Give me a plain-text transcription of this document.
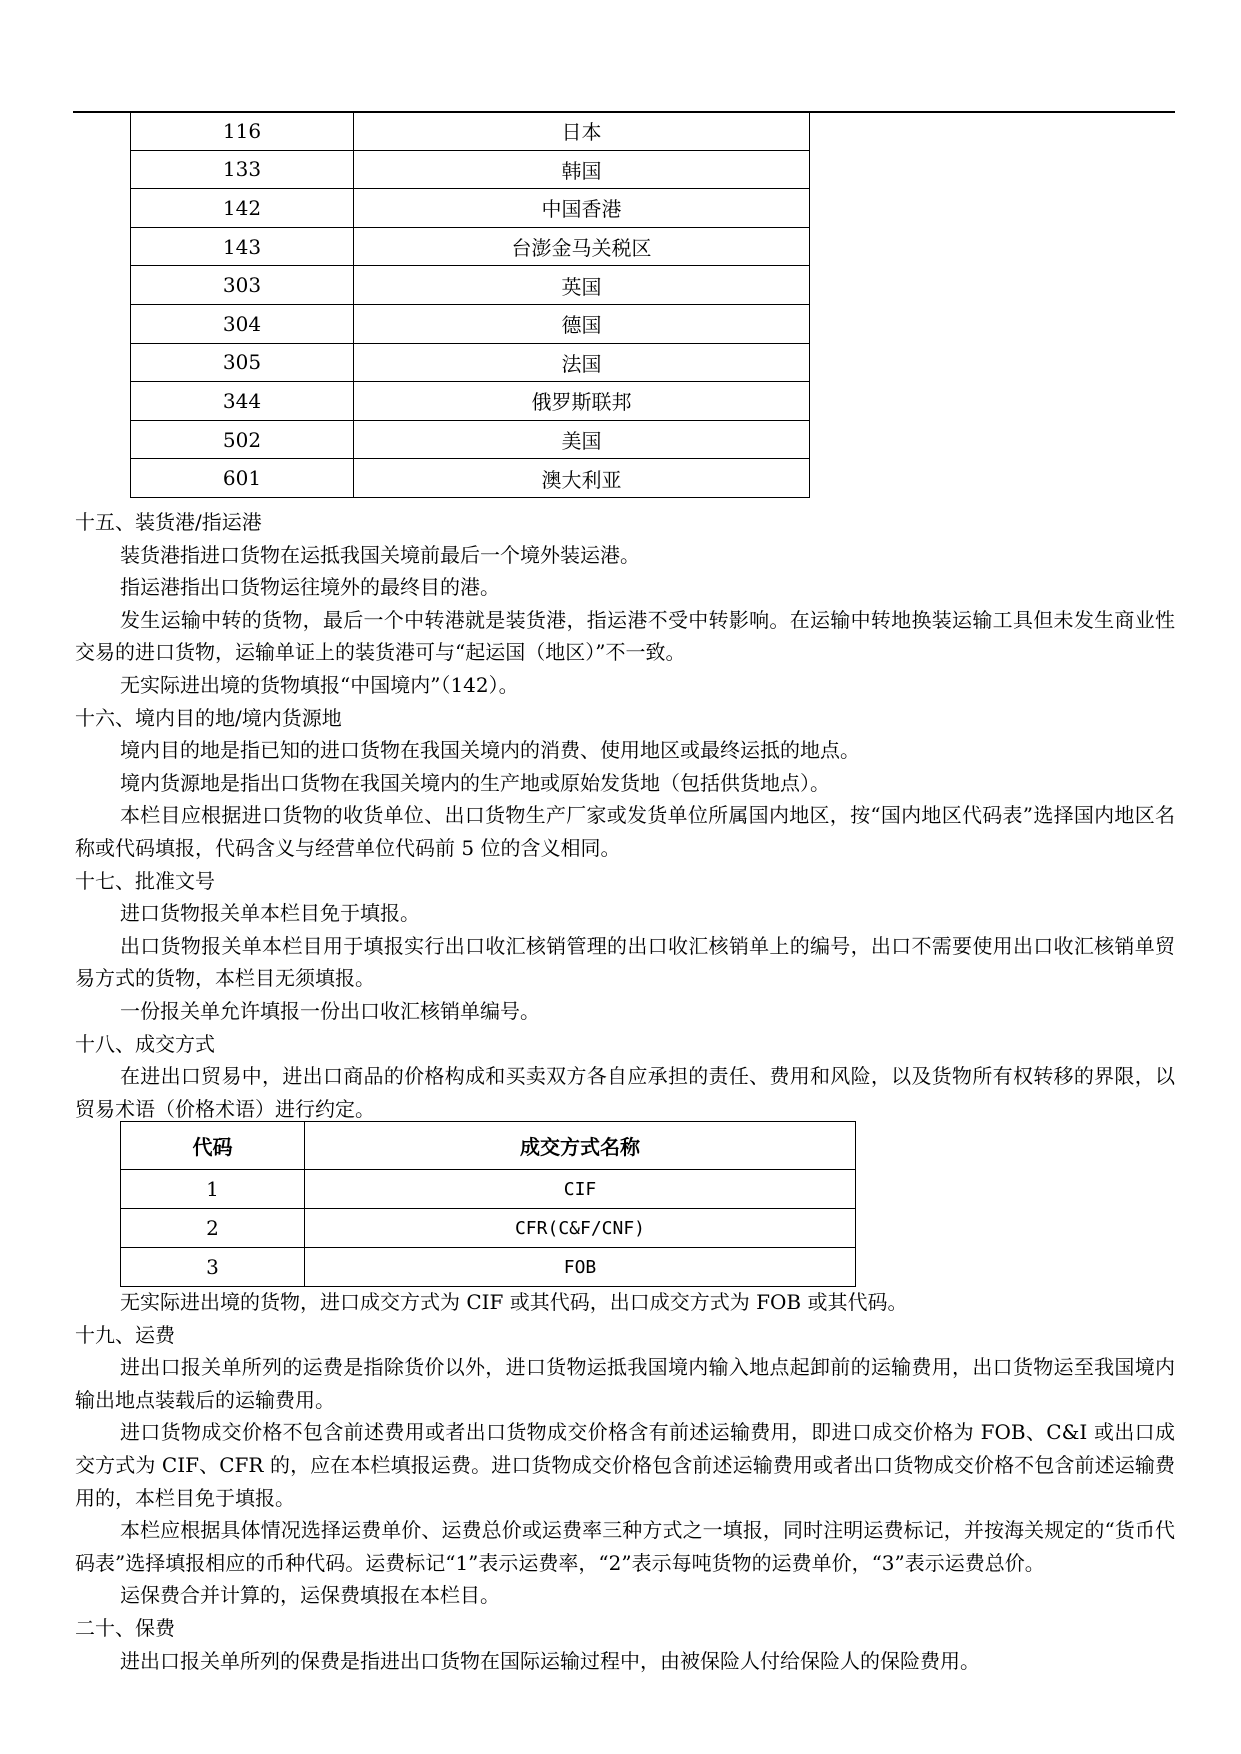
116	日本
133	韩国
142	中国香港
143	台澎金马关税区
303	英国
304	德国
305	法国
344	俄罗斯联邦
502	美国
601	澳大利亚

十五、装货港/指运港

装货港指进口货物在运抵我国关境前最后一个境外装运港。

指运港指出口货物运往境外的最终目的港。

发生运输中转的货物，最后一个中转港就是装货港，指运港不受中转影响。在运输中转地换装运输工具但未发生商业性交易的进口货物，运输单证上的装货港可与“起运国（地区）”不一致。

无实际进出境的货物填报“中国境内”（142）。

十六、境内目的地/境内货源地

境内目的地是指已知的进口货物在我国关境内的消费、使用地区或最终运抵的地点。

境内货源地是指出口货物在我国关境内的生产地或原始发货地（包括供货地点）。

本栏目应根据进口货物的收货单位、出口货物生产厂家或发货单位所属国内地区，按“国内地区代码表”选择国内地区名称或代码填报，代码含义与经营单位代码前 5 位的含义相同。

十七、批准文号

进口货物报关单本栏目免于填报。

出口货物报关单本栏目用于填报实行出口收汇核销管理的出口收汇核销单上的编号，出口不需要使用出口收汇核销单贸易方式的货物，本栏目无须填报。

一份报关单允许填报一份出口收汇核销单编号。

十八、成交方式

在进出口贸易中，进出口商品的价格构成和买卖双方各自应承担的责任、费用和风险，以及货物所有权转移的界限，以贸易术语（价格术语）进行约定。

代码	成交方式名称
1	CIF
2	CFR(C&F/CNF)
3	FOB

无实际进出境的货物，进口成交方式为 CIF 或其代码，出口成交方式为 FOB 或其代码。

十九、运费

进出口报关单所列的运费是指除货价以外，进口货物运抵我国境内输入地点起卸前的运输费用，出口货物运至我国境内输出地点装载后的运输费用。

进口货物成交价格不包含前述费用或者出口货物成交价格含有前述运输费用，即进口成交价格为 FOB、C&I 或出口成交方式为 CIF、CFR 的，应在本栏填报运费。进口货物成交价格包含前述运输费用或者出口货物成交价格不包含前述运输费用的，本栏目免于填报。

本栏应根据具体情况选择运费单价、运费总价或运费率三种方式之一填报，同时注明运费标记，并按海关规定的“货币代码表”选择填报相应的币种代码。运费标记“1”表示运费率，“2”表示每吨货物的运费单价，“3”表示运费总价。

运保费合并计算的，运保费填报在本栏目。

二十、保费

进出口报关单所列的保费是指进出口货物在国际运输过程中，由被保险人付给保险人的保险费用。
